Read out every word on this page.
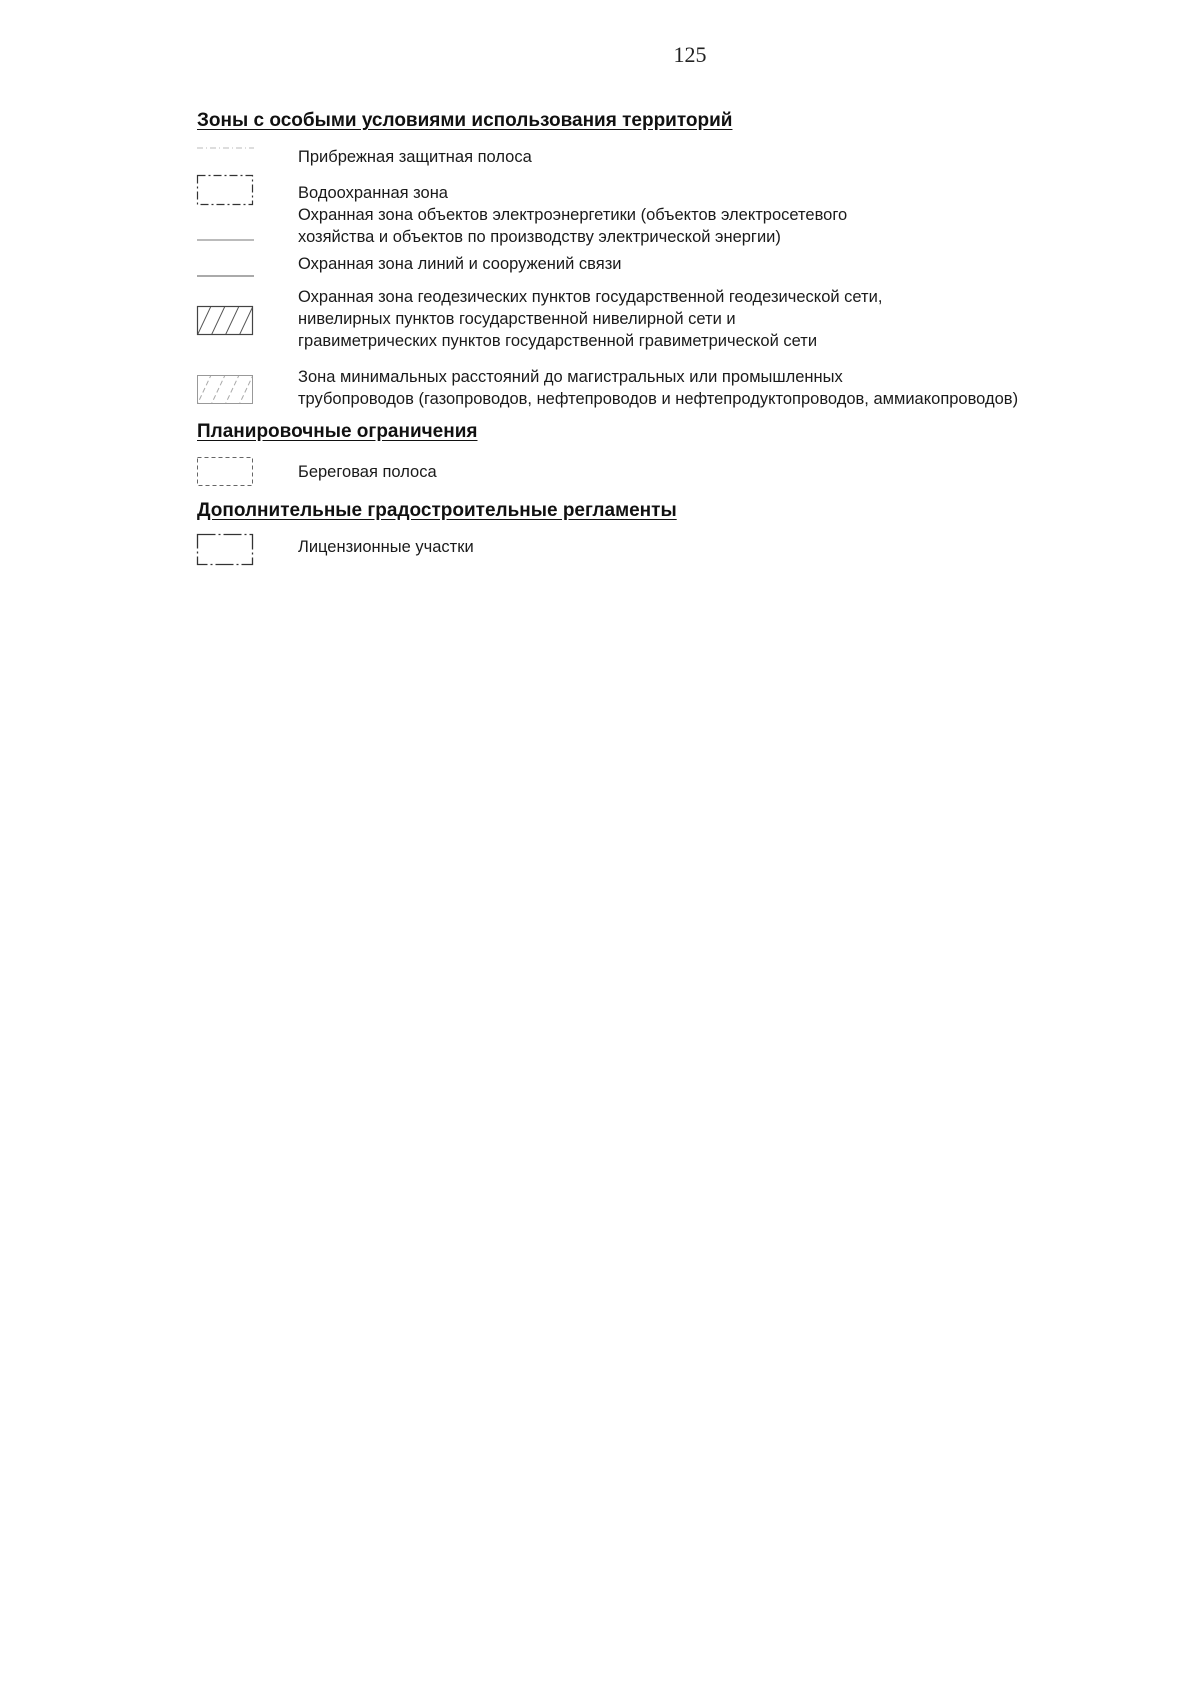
125
Зоны с особыми условиями использования территорий
Прибрежная защитная полоса
Водоохранная зона
Охранная зона объектов электроэнергетики (объектов электросетевого
хозяйства и объектов по производству электрической энергии)
Охранная зона линий и сооружений связи
Охранная зона геодезических пунктов государственной геодезической сети,
нивелирных пунктов государственной нивелирной сети и
гравиметрических пунктов государственной гравиметрической сети
Зона минимальных расстояний до магистральных или промышленных
трубопроводов (газопроводов, нефтепроводов и нефтепродуктопроводов, аммиакопроводов)
Планировочные ограничения
Береговая полоса
Дополнительные градостроительные регламенты
Лицензионные участки
